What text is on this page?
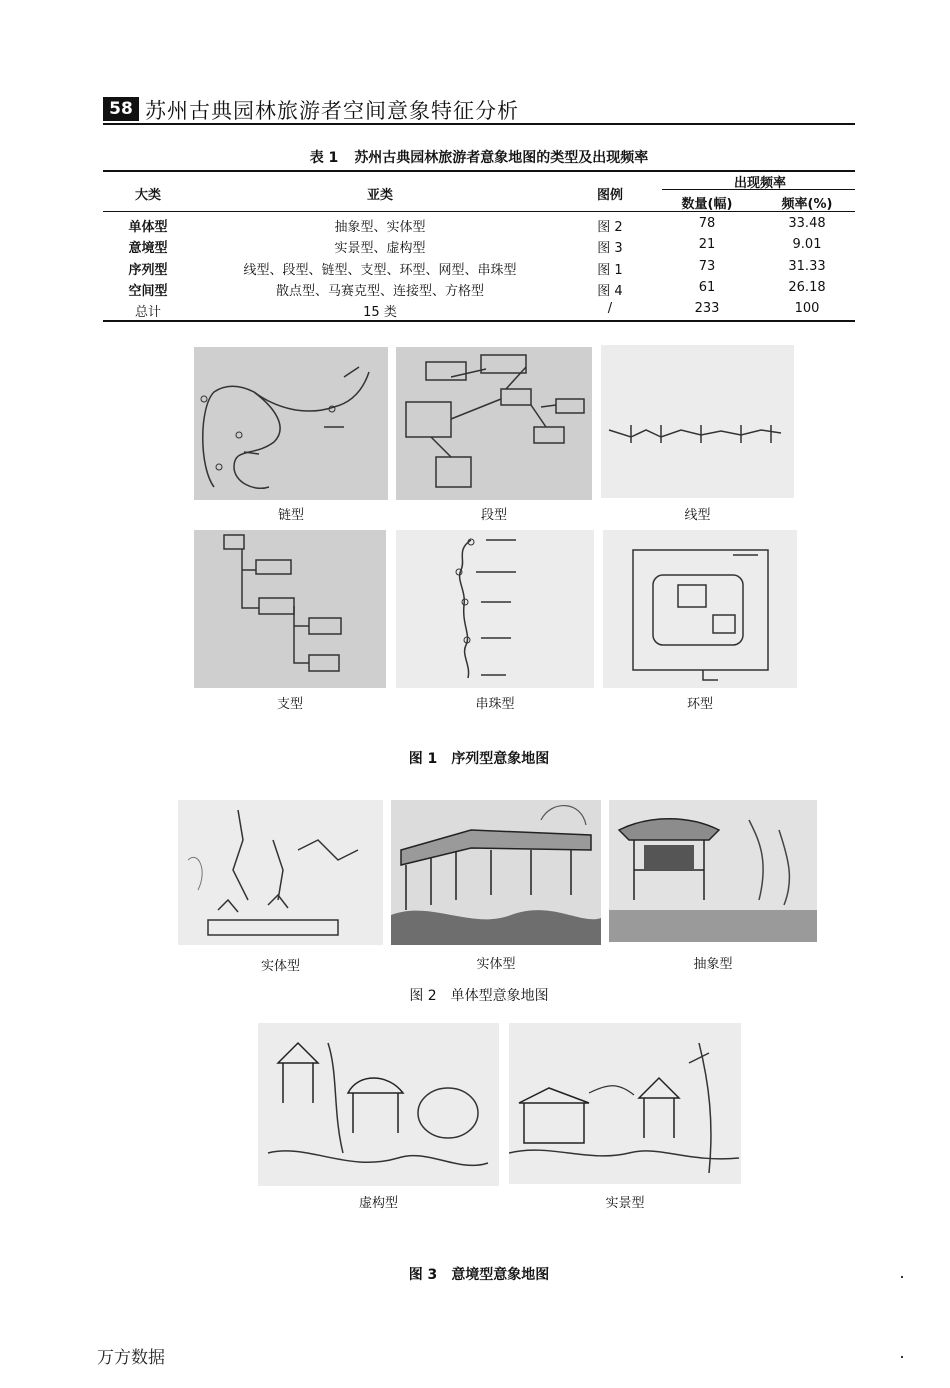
58 苏州古典园林旅游者空间意象特征分析
表 1 苏州古典园林旅游者意象地图的类型及出现频率
大类	亚类	图例
出现频率
数量(幅)	频率(%)
单体型	抽象型、实体型	图 2	78	33.48
意境型	实景型、虚构型	图 3	21	9.01
序列型	线型、段型、链型、支型、环型、网型、串珠型	图 1	73	31.33
空间型	散点型、马赛克型、连接型、方格型	图 4	61	26.18
总计	15 类	/	233	100
链型	段型	线型
支型	串珠型	环型
图 1 序列型意象地图
实体型	实体型	抽象型
图 2 单体型意象地图
虚构型	实景型
图 3 意境型意象地图
万方数据
